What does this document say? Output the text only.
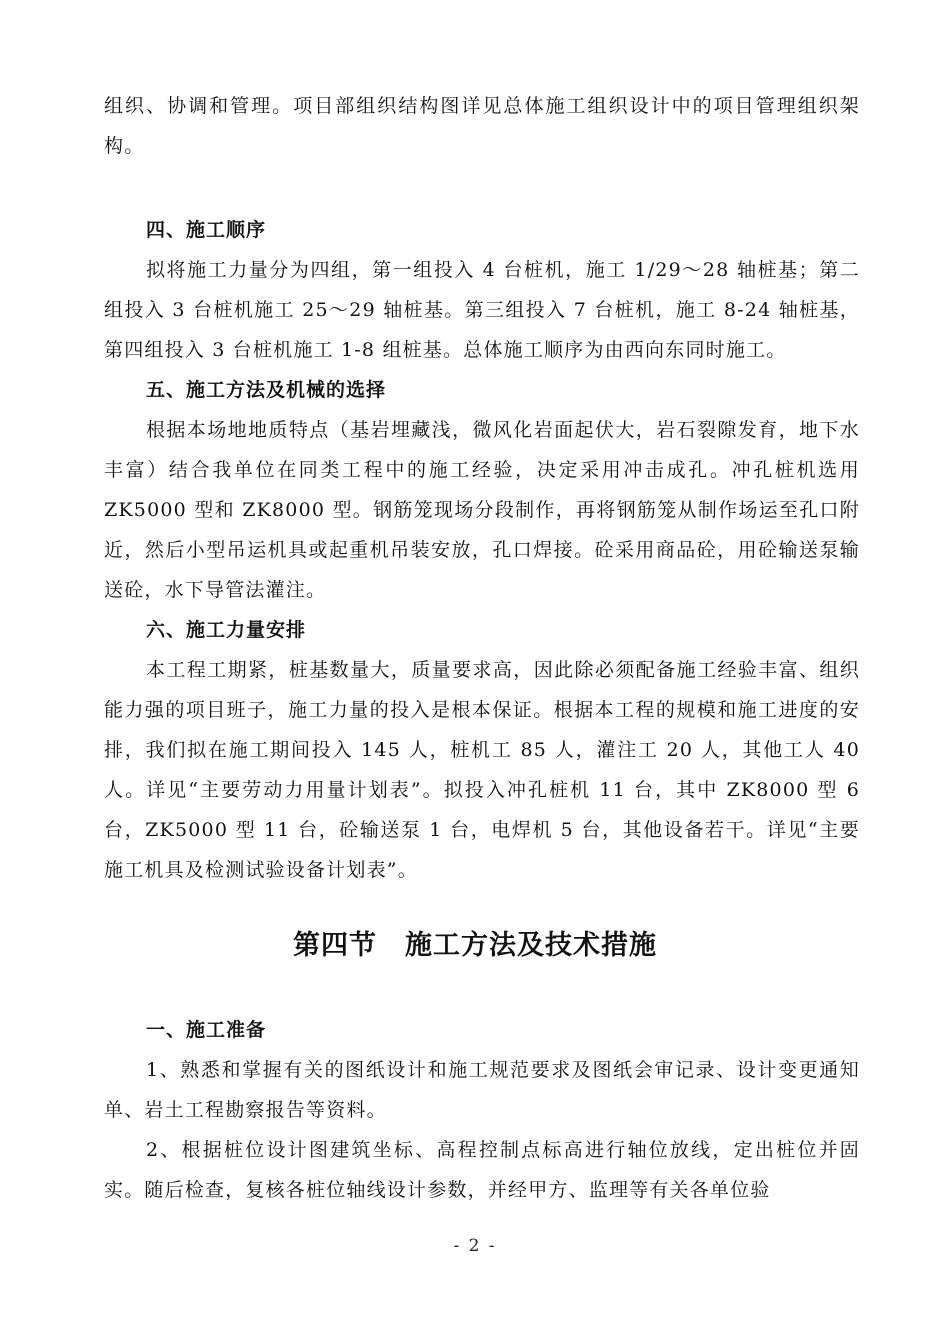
组织、协调和管理。项目部组织结构图详见总体施工组织设计中的项目管理组织架构。

四、施工顺序

拟将施工力量分为四组，第一组投入 4 台桩机，施工 1/29～28 轴桩基；第二组投入 3 台桩机施工 25～29 轴桩基。第三组投入 7 台桩机，施工 8-24 轴桩基，第四组投入 3 台桩机施工 1-8 组桩基。总体施工顺序为由西向东同时施工。

五、施工方法及机械的选择

根据本场地地质特点（基岩埋藏浅，微风化岩面起伏大，岩石裂隙发育，地下水丰富）结合我单位在同类工程中的施工经验，决定采用冲击成孔。冲孔桩机选用 ZK5000 型和 ZK8000 型。钢筋笼现场分段制作，再将钢筋笼从制作场运至孔口附近，然后小型吊运机具或起重机吊装安放，孔口焊接。砼采用商品砼，用砼输送泵输送砼，水下导管法灌注。

六、施工力量安排

本工程工期紧，桩基数量大，质量要求高，因此除必须配备施工经验丰富、组织能力强的项目班子，施工力量的投入是根本保证。根据本工程的规模和施工进度的安排，我们拟在施工期间投入 145 人，桩机工 85 人，灌注工 20 人，其他工人 40 人。详见“主要劳动力用量计划表”。拟投入冲孔桩机 11 台，其中 ZK8000 型 6 台，ZK5000 型 11 台，砼输送泵 1 台，电焊机 5 台，其他设备若干。详见“主要施工机具及检测试验设备计划表”。

第四节　施工方法及技术措施

一、施工准备

1、熟悉和掌握有关的图纸设计和施工规范要求及图纸会审记录、设计变更通知单、岩土工程勘察报告等资料。

2、根据桩位设计图建筑坐标、高程控制点标高进行轴位放线，定出桩位并固实。随后检查，复核各桩位轴线设计参数，并经甲方、监理等有关各单位验

- 2 -
